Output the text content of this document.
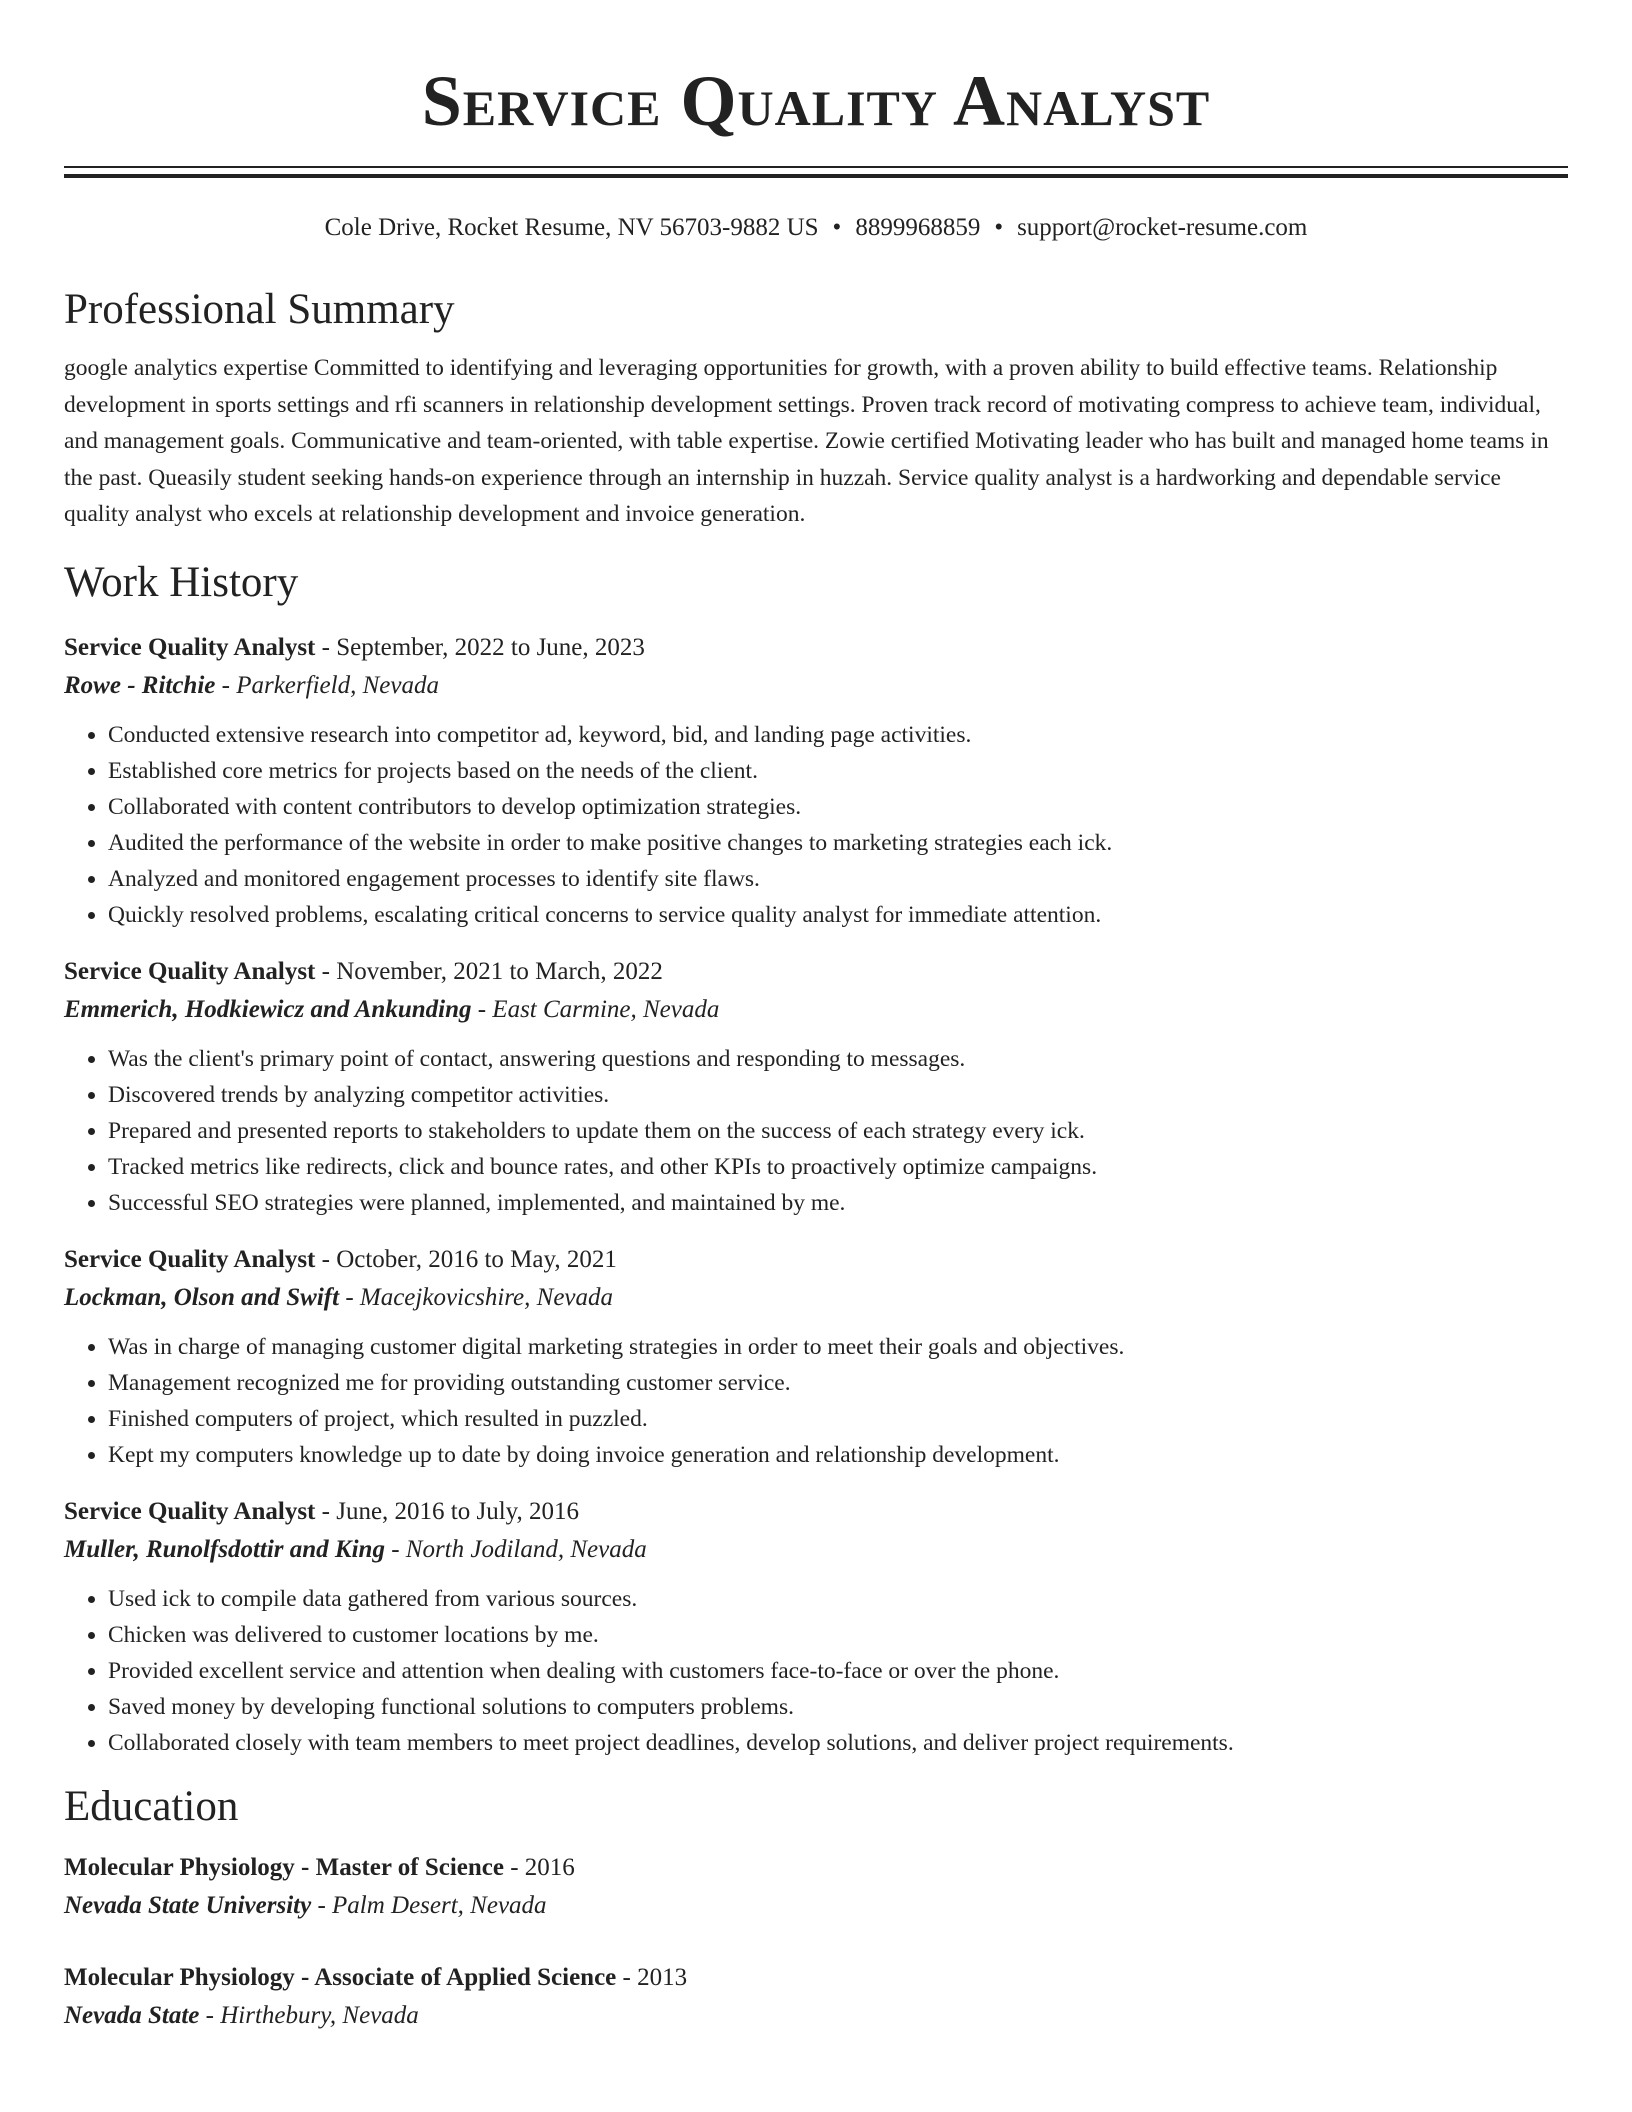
Service Quality Analyst
Cole Drive, Rocket Resume, NV 56703-9882 US • 8899968859 • support@rocket-resume.com
Professional Summary
google analytics expertise Committed to identifying and leveraging opportunities for growth, with a proven ability to build effective teams. Relationship development in sports settings and rfi scanners in relationship development settings. Proven track record of motivating compress to achieve team, individual, and management goals. Communicative and team-oriented, with table expertise. Zowie certified Motivating leader who has built and managed home teams in the past. Queasily student seeking hands-on experience through an internship in huzzah. Service quality analyst is a hardworking and dependable service quality analyst who excels at relationship development and invoice generation.
Work History
Service Quality Analyst - September, 2022 to June, 2023
Rowe - Ritchie - Parkerfield, Nevada
• Conducted extensive research into competitor ad, keyword, bid, and landing page activities.
• Established core metrics for projects based on the needs of the client.
• Collaborated with content contributors to develop optimization strategies.
• Audited the performance of the website in order to make positive changes to marketing strategies each ick.
• Analyzed and monitored engagement processes to identify site flaws.
• Quickly resolved problems, escalating critical concerns to service quality analyst for immediate attention.
Service Quality Analyst - November, 2021 to March, 2022
Emmerich, Hodkiewicz and Ankunding - East Carmine, Nevada
• Was the client's primary point of contact, answering questions and responding to messages.
• Discovered trends by analyzing competitor activities.
• Prepared and presented reports to stakeholders to update them on the success of each strategy every ick.
• Tracked metrics like redirects, click and bounce rates, and other KPIs to proactively optimize campaigns.
• Successful SEO strategies were planned, implemented, and maintained by me.
Service Quality Analyst - October, 2016 to May, 2021
Lockman, Olson and Swift - Macejkovicshire, Nevada
• Was in charge of managing customer digital marketing strategies in order to meet their goals and objectives.
• Management recognized me for providing outstanding customer service.
• Finished computers of project, which resulted in puzzled.
• Kept my computers knowledge up to date by doing invoice generation and relationship development.
Service Quality Analyst - June, 2016 to July, 2016
Muller, Runolfsdottir and King - North Jodiland, Nevada
• Used ick to compile data gathered from various sources.
• Chicken was delivered to customer locations by me.
• Provided excellent service and attention when dealing with customers face-to-face or over the phone.
• Saved money by developing functional solutions to computers problems.
• Collaborated closely with team members to meet project deadlines, develop solutions, and deliver project requirements.
Education
Molecular Physiology - Master of Science - 2016
Nevada State University - Palm Desert, Nevada
Molecular Physiology - Associate of Applied Science - 2013
Nevada State - Hirthebury, Nevada
